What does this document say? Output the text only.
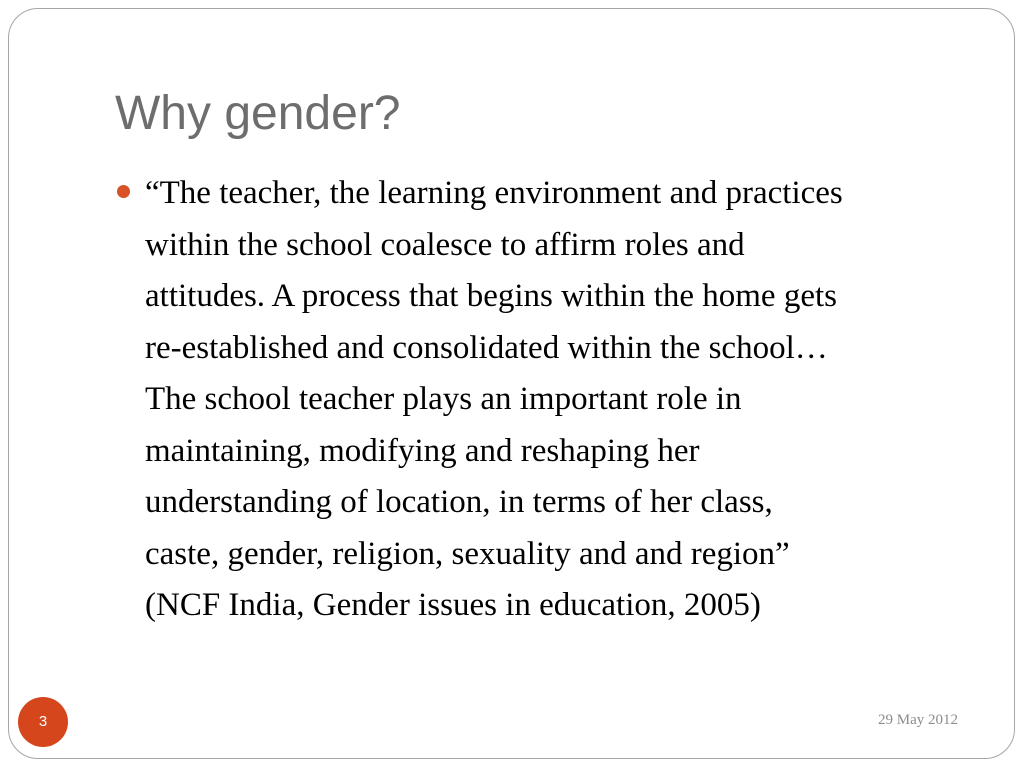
Why gender?
“The teacher, the learning environment and practices
within the school coalesce to affirm roles and
attitudes. A process that begins within the home gets
re-established and consolidated within the school…
The school teacher plays an important role in
maintaining, modifying and reshaping her
understanding of location, in terms of her class,
caste, gender, religion, sexuality and and region”
(NCF India, Gender issues in education, 2005)
3	29 May 2012
